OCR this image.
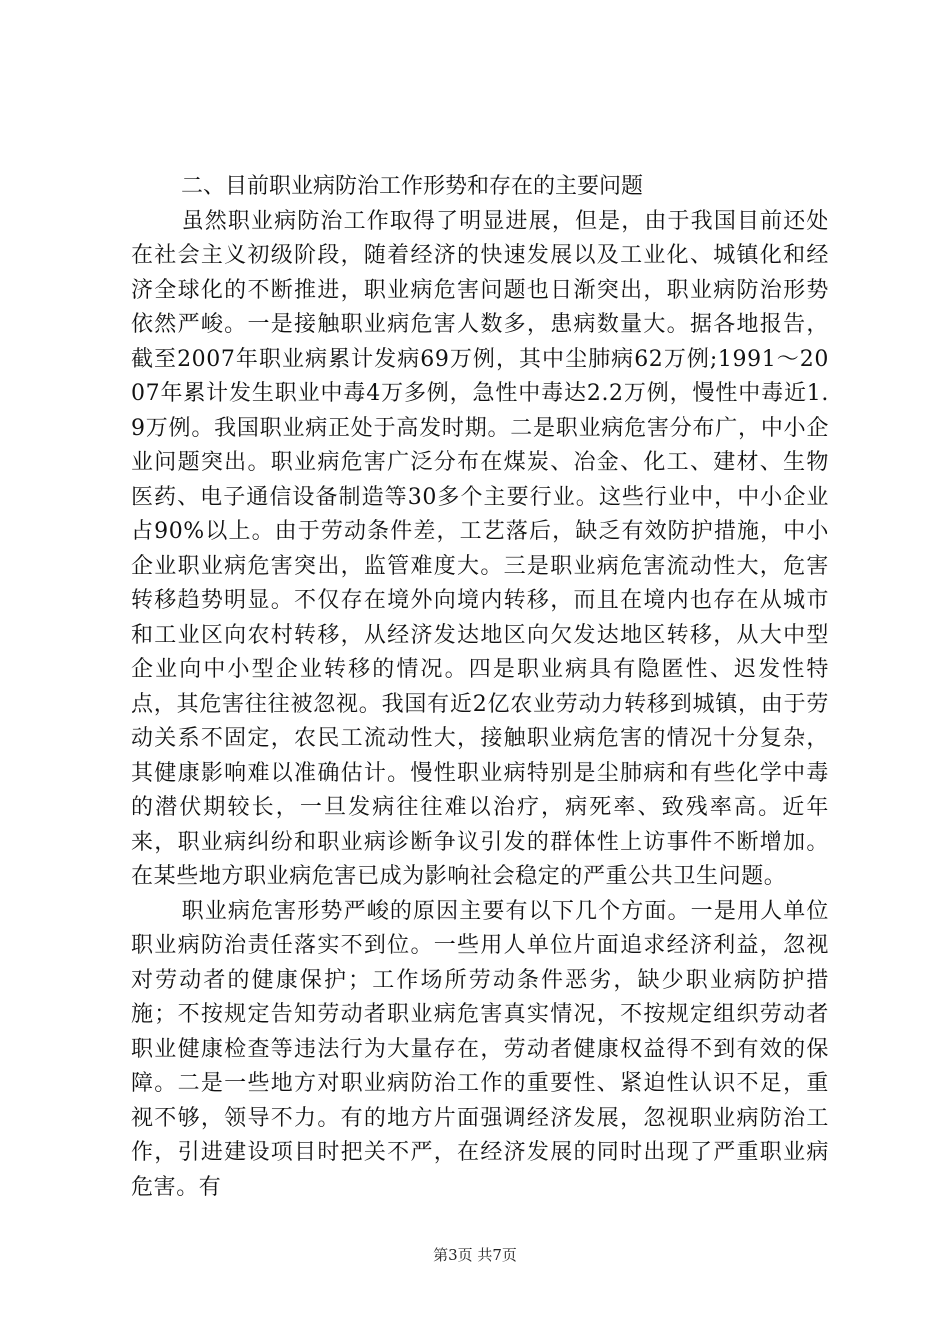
二、目前职业病防治工作形势和存在的主要问题

虽然职业病防治工作取得了明显进展，但是，由于我国目前还处在社会主义初级阶段，随着经济的快速发展以及工业化、城镇化和经济全球化的不断推进，职业病危害问题也日渐突出，职业病防治形势依然严峻。一是接触职业病危害人数多，患病数量大。据各地报告，截至2007年职业病累计发病69万例，其中尘肺病62万例;1991～2007年累计发生职业中毒4万多例，急性中毒达2.2万例，慢性中毒近1.9万例。我国职业病正处于高发时期。二是职业病危害分布广，中小企业问题突出。职业病危害广泛分布在煤炭、冶金、化工、建材、生物医药、电子通信设备制造等30多个主要行业。这些行业中，中小企业占90%以上。由于劳动条件差，工艺落后，缺乏有效防护措施，中小企业职业病危害突出，监管难度大。三是职业病危害流动性大，危害转移趋势明显。不仅存在境外向境内转移，而且在境内也存在从城市和工业区向农村转移，从经济发达地区向欠发达地区转移，从大中型企业向中小型企业转移的情况。四是职业病具有隐匿性、迟发性特点，其危害往往被忽视。我国有近2亿农业劳动力转移到城镇，由于劳动关系不固定，农民工流动性大，接触职业病危害的情况十分复杂，其健康影响难以准确估计。慢性职业病特别是尘肺病和有些化学中毒的潜伏期较长，一旦发病往往难以治疗，病死率、致残率高。近年来，职业病纠纷和职业病诊断争议引发的群体性上访事件不断增加。在某些地方职业病危害已成为影响社会稳定的严重公共卫生问题。

职业病危害形势严峻的原因主要有以下几个方面。一是用人单位职业病防治责任落实不到位。一些用人单位片面追求经济利益，忽视对劳动者的健康保护；工作场所劳动条件恶劣，缺少职业病防护措施；不按规定告知劳动者职业病危害真实情况，不按规定组织劳动者职业健康检查等违法行为大量存在，劳动者健康权益得不到有效的保障。二是一些地方对职业病防治工作的重要性、紧迫性认识不足，重视不够，领导不力。有的地方片面强调经济发展，忽视职业病防治工作，引进建设项目时把关不严，在经济发展的同时出现了严重职业病危害。有

第3页 共7页
